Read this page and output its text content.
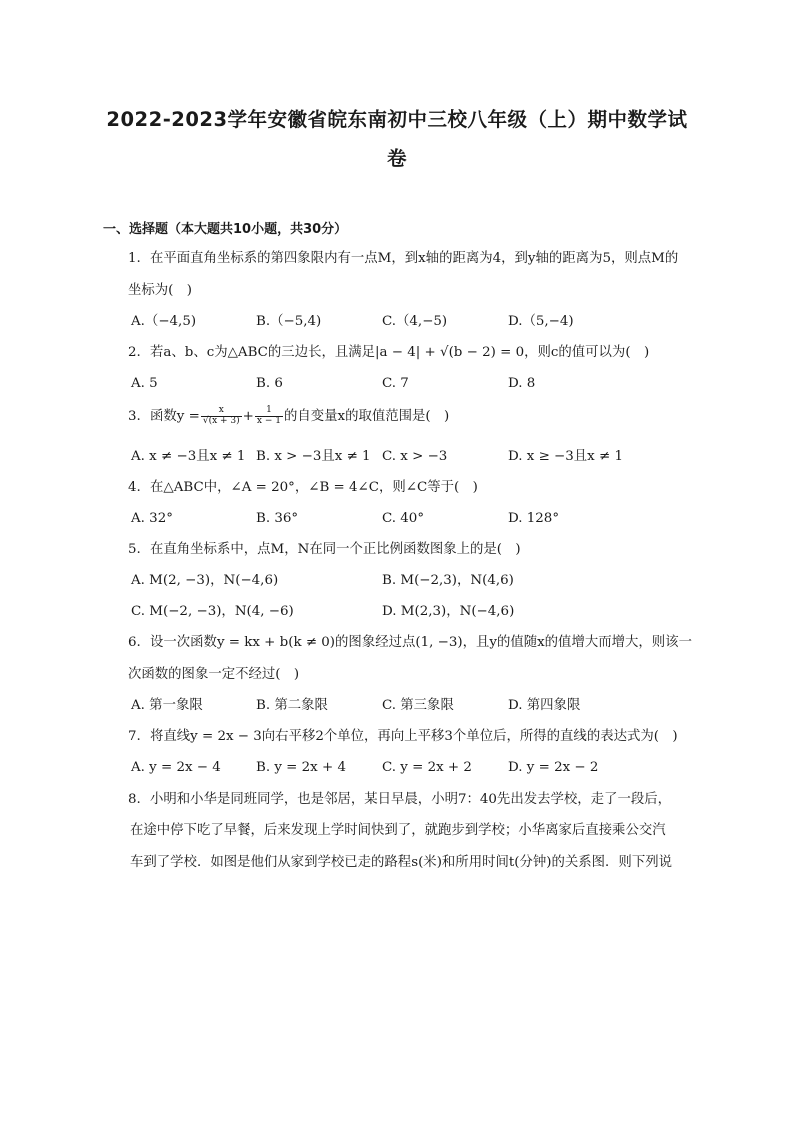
2022-2023学年安徽省皖东南初中三校八年级（上）期中数学试
卷
一、选择题（本大题共10小题，共30分）
1. 在平面直角坐标系的第四象限内有一点M，到x轴的距离为4，到y轴的距离为5，则点M的
坐标为(　)
A.（−4,5)	B.（−5,4)	C.（4,−5)	D.（5,−4)
2. 若a、b、c为△ABC的三边长，且满足|a − 4| + √(b − 2) = 0，则c的值可以为(　)
A. 5	B. 6	C. 7	D. 8
3. 函数$y = \frac{x}{√(x + 3)} + \frac{1}{x - 1}$ 的自变量x的取值范围是(　)
A. x ≠ −3且x ≠ 1 B. x > −3且x ≠ 1 C. x > −3	D. x ≥ −3且x ≠ 1
4. 在△ABC中，∠A = 20°，∠B = 4∠C，则∠C等于(　)
A. 32°	B. 36°	C. 40°	D. 128°
5. 在直角坐标系中，点M，N在同一个正比例函数图象上的是(　)
A. M(2, −3)，N(−4,6)	B. M(−2,3)，N(4,6)
C. M(−2, −3)，N(4, −6)	D. M(2,3)，N(−4,6)
6. 设一次函数y = kx + b(k ≠ 0)的图象经过点(1, −3)，且y的值随x的值增大而增大，则该一
次函数的图象一定不经过(　)
A. 第一象限	B. 第二象限	C. 第三象限	D. 第四象限
7. 将直线y = 2x − 3向右平移2个单位，再向上平移3个单位后，所得的直线的表达式为(　)
A. y = 2x − 4	B. y = 2x + 4	C. y = 2x + 2	D. y = 2x − 2
8. 小明和小华是同班同学，也是邻居，某日早晨，小明7：40先出发去学校，走了一段后，
在途中停下吃了早餐，后来发现上学时间快到了，就跑步到学校；小华离家后直接乘公交汽
车到了学校．如图是他们从家到学校已走的路程s(米)和所用时间t(分钟)的关系图．则下列说
